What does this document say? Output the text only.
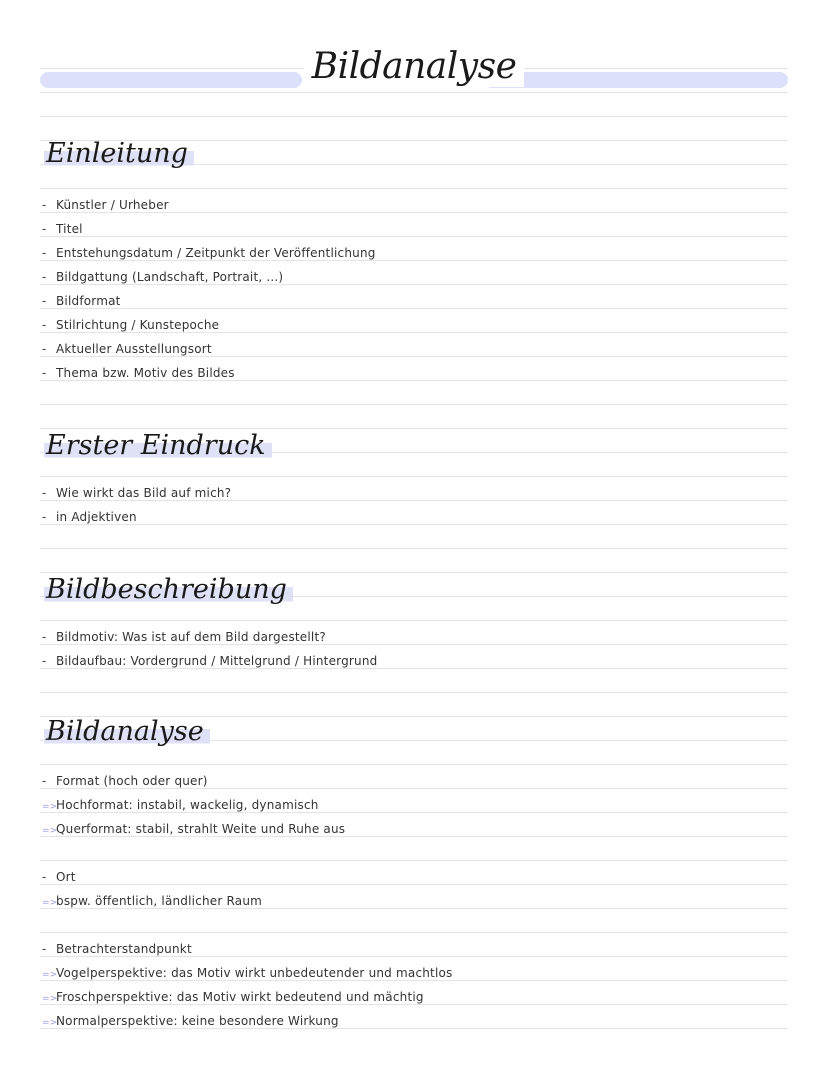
Bildanalyse
Einleitung
- Künstler / Urheber
- Titel
- Entstehungsdatum / Zeitpunkt der Veröffentlichung
- Bildgattung (Landschaft, Portrait, ...)
- Bildformat
- Stilrichtung / Kunstepoche
- Aktueller Ausstellungsort
- Thema bzw. Motiv des Bildes
Erster Eindruck
- Wie wirkt das Bild auf mich?
- in Adjektiven
Bildbeschreibung
- Bildmotiv: Was ist auf dem Bild dargestellt?
- Bildaufbau: Vordergrund / Mittelgrund / Hintergrund
Bildanalyse
- Format (hoch oder quer)
=>Hochformat: instabil, wackelig, dynamisch
=>Querformat: stabil, strahlt Weite und Ruhe aus
- Ort
=>bspw. öffentlich, ländlicher Raum
- Betrachterstandpunkt
=>Vogelperspektive: das Motiv wirkt unbedeutender und machtlos
=>Froschperspektive: das Motiv wirkt bedeutend und mächtig
=>Normalperspektive: keine besondere Wirkung
